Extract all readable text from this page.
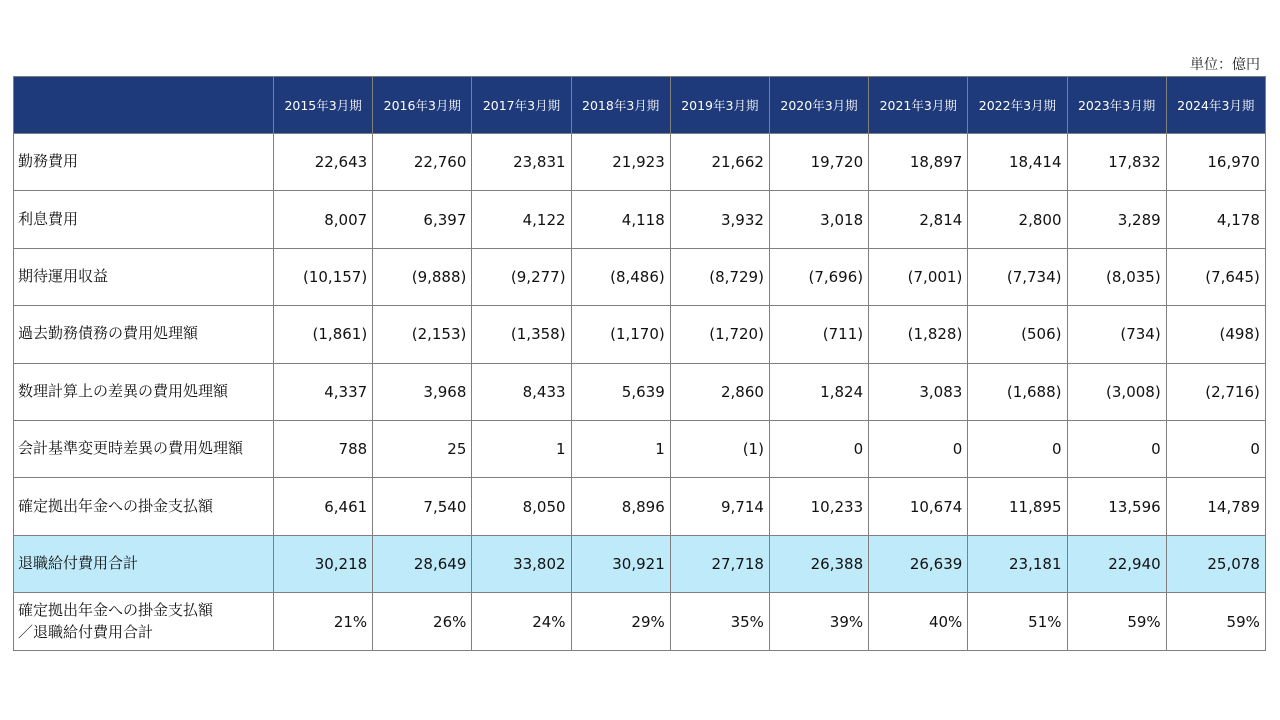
単位：億円
	2015年3月期	2016年3月期	2017年3月期	2018年3月期	2019年3月期	2020年3月期	2021年3月期	2022年3月期	2023年3月期	2024年3月期
勤務費用	22,643	22,760	23,831	21,923	21,662	19,720	18,897	18,414	17,832	16,970
利息費用	8,007	6,397	4,122	4,118	3,932	3,018	2,814	2,800	3,289	4,178
期待運用収益	(10,157)	(9,888)	(9,277)	(8,486)	(8,729)	(7,696)	(7,001)	(7,734)	(8,035)	(7,645)
過去勤務債務の費用処理額	(1,861)	(2,153)	(1,358)	(1,170)	(1,720)	(711)	(1,828)	(506)	(734)	(498)
数理計算上の差異の費用処理額	4,337	3,968	8,433	5,639	2,860	1,824	3,083	(1,688)	(3,008)	(2,716)
会計基準変更時差異の費用処理額	788	25	1	1	(1)	0	0	0	0	0
確定拠出年金への掛金支払額	6,461	7,540	8,050	8,896	9,714	10,233	10,674	11,895	13,596	14,789
退職給付費用合計	30,218	28,649	33,802	30,921	27,718	26,388	26,639	23,181	22,940	25,078
確定拠出年金への掛金支払額
／退職給付費用合計	21%	26%	24%	29%	35%	39%	40%	51%	59%	59%
